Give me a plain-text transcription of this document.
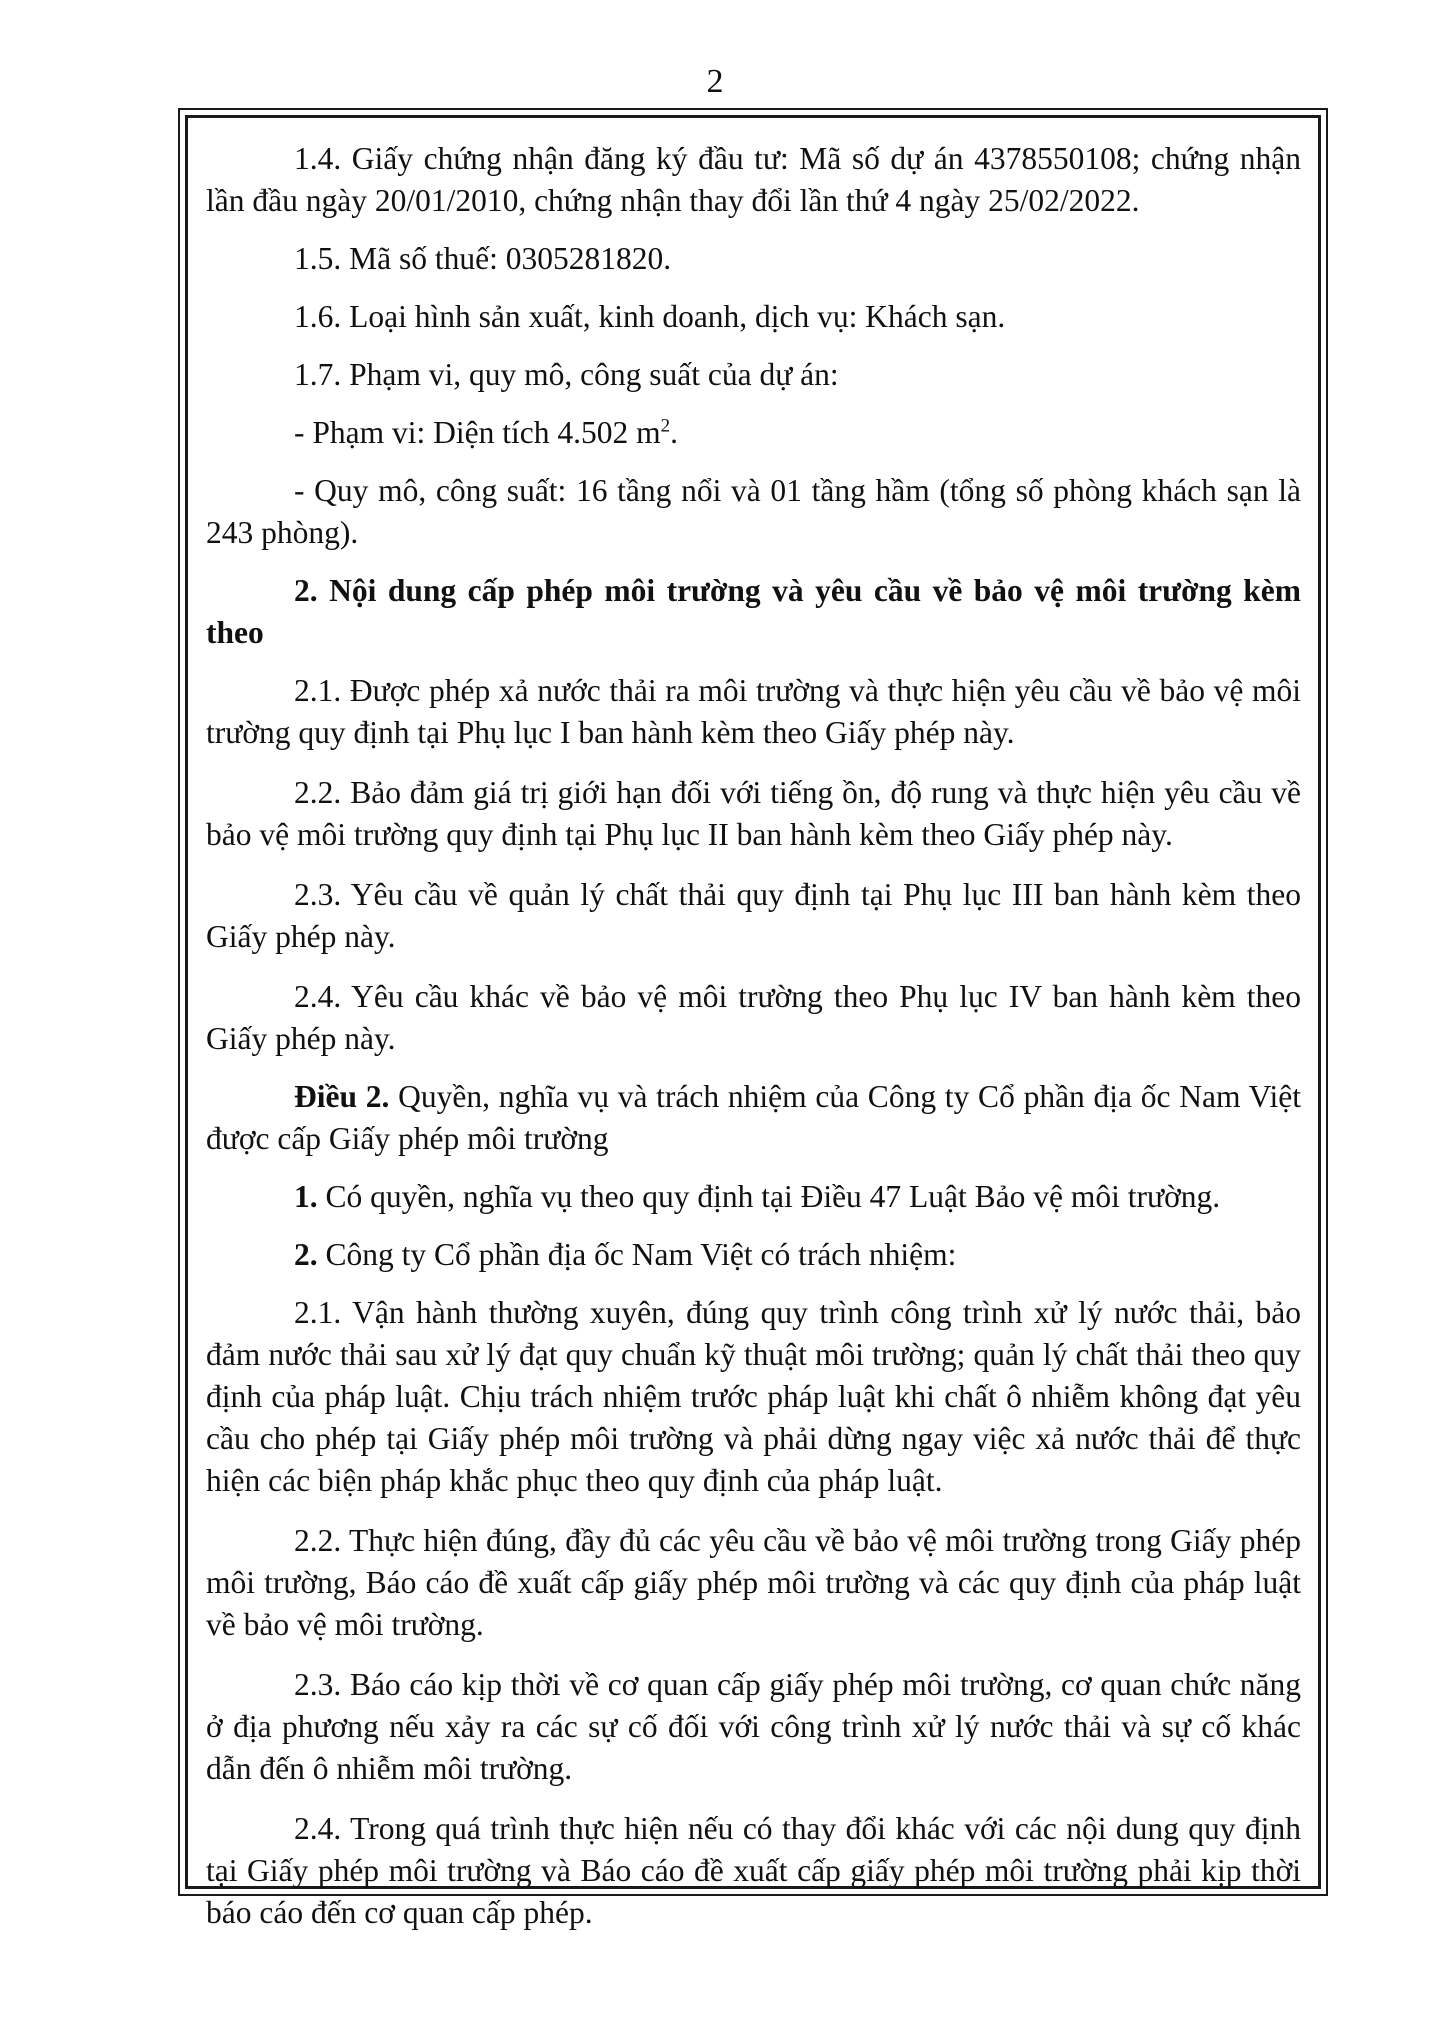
2

1.4. Giấy chứng nhận đăng ký đầu tư: Mã số dự án 4378550108; chứng nhận lần đầu ngày 20/01/2010, chứng nhận thay đổi lần thứ 4 ngày 25/02/2022.

1.5. Mã số thuế: 0305281820.

1.6. Loại hình sản xuất, kinh doanh, dịch vụ: Khách sạn.

1.7. Phạm vi, quy mô, công suất của dự án:

- Phạm vi: Diện tích 4.502 $m^2$.

- Quy mô, công suất: 16 tầng nổi và 01 tầng hầm (tổng số phòng khách sạn là 243 phòng).

2. Nội dung cấp phép môi trường và yêu cầu về bảo vệ môi trường kèm theo

2.1. Được phép xả nước thải ra môi trường và thực hiện yêu cầu về bảo vệ môi trường quy định tại Phụ lục I ban hành kèm theo Giấy phép này.

2.2. Bảo đảm giá trị giới hạn đối với tiếng ồn, độ rung và thực hiện yêu cầu về bảo vệ môi trường quy định tại Phụ lục II ban hành kèm theo Giấy phép này.

2.3. Yêu cầu về quản lý chất thải quy định tại Phụ lục III ban hành kèm theo Giấy phép này.

2.4. Yêu cầu khác về bảo vệ môi trường theo Phụ lục IV ban hành kèm theo Giấy phép này.

Điều 2. Quyền, nghĩa vụ và trách nhiệm của Công ty Cổ phần địa ốc Nam Việt được cấp Giấy phép môi trường

1. Có quyền, nghĩa vụ theo quy định tại Điều 47 Luật Bảo vệ môi trường.

2. Công ty Cổ phần địa ốc Nam Việt có trách nhiệm:

2.1. Vận hành thường xuyên, đúng quy trình công trình xử lý nước thải, bảo đảm nước thải sau xử lý đạt quy chuẩn kỹ thuật môi trường; quản lý chất thải theo quy định của pháp luật. Chịu trách nhiệm trước pháp luật khi chất ô nhiễm không đạt yêu cầu cho phép tại Giấy phép môi trường và phải dừng ngay việc xả nước thải để thực hiện các biện pháp khắc phục theo quy định của pháp luật.

2.2. Thực hiện đúng, đầy đủ các yêu cầu về bảo vệ môi trường trong Giấy phép môi trường, Báo cáo đề xuất cấp giấy phép môi trường và các quy định của pháp luật về bảo vệ môi trường.

2.3. Báo cáo kịp thời về cơ quan cấp giấy phép môi trường, cơ quan chức năng ở địa phương nếu xảy ra các sự cố đối với công trình xử lý nước thải và sự cố khác dẫn đến ô nhiễm môi trường.

2.4. Trong quá trình thực hiện nếu có thay đổi khác với các nội dung quy định tại Giấy phép môi trường và Báo cáo đề xuất cấp giấy phép môi trường phải kịp thời báo cáo đến cơ quan cấp phép.
